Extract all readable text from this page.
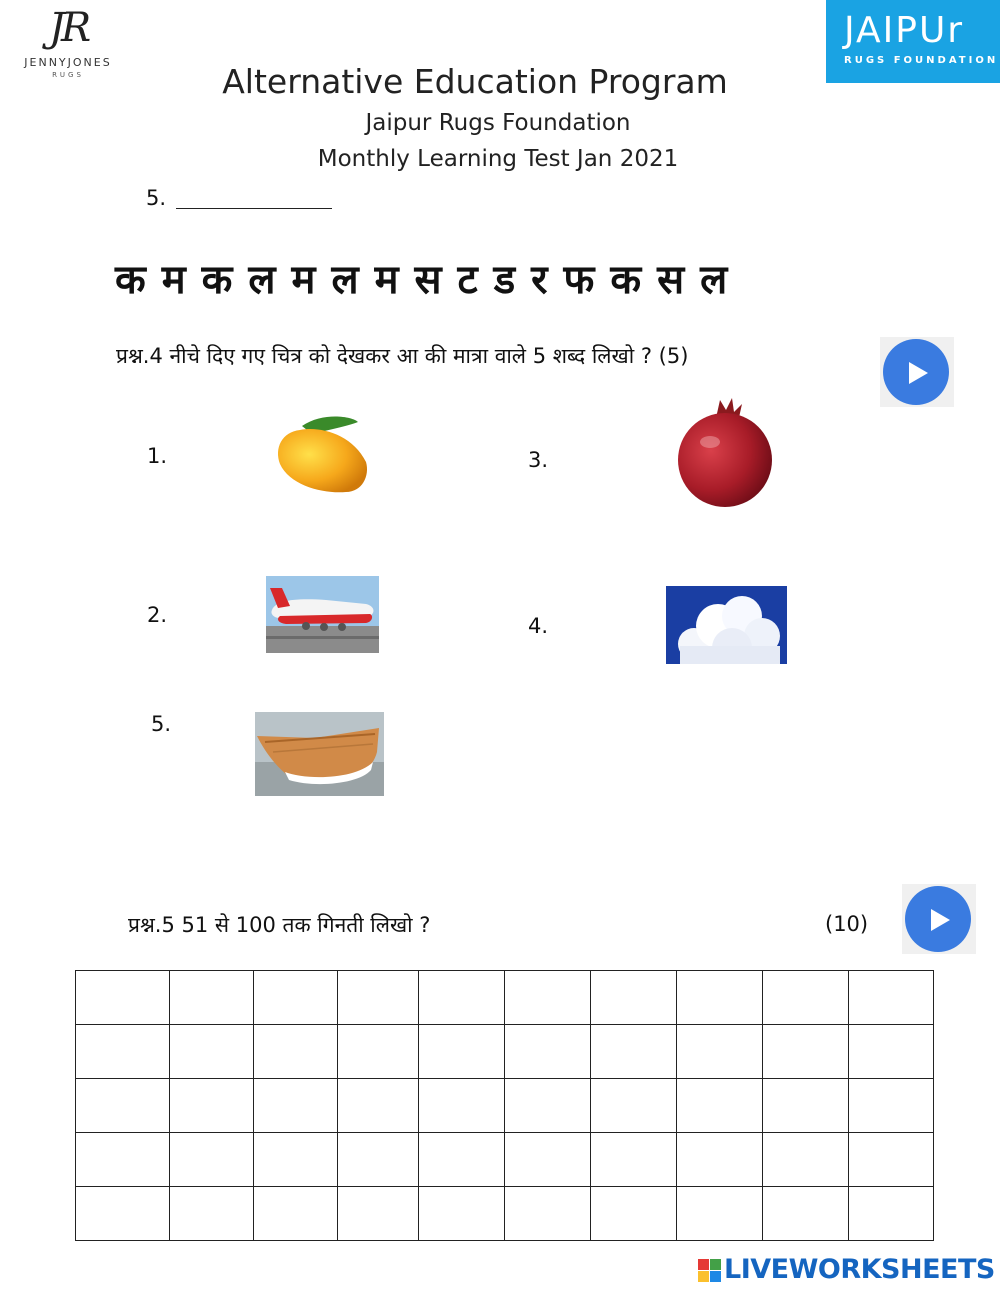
JR
JENNYJONES
RUGS
JAIPUr
RUGS FOUNDATION
Alternative Education Program
Jaipur Rugs Foundation
Monthly Learning Test Jan 2021
5.
क म क ल म ल म स ट ड र फ क स ल
प्रश्न.4 नीचे दिए गए चित्र को देखकर आ की मात्रा वाले 5 शब्द लिखो ? (5)
1.
2.
3.
4.
5.
प्रश्न.5 51 से 100 तक गिनती लिखो ?	(10)

LIVEWORKSHEETS
